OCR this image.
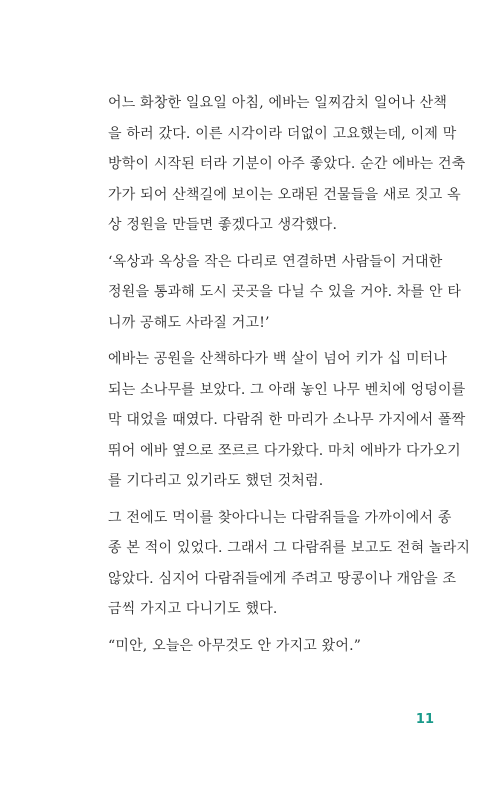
어느 화창한 일요일 아침, 에바는 일찌감치 일어나 산책
을 하러 갔다. 이른 시각이라 더없이 고요했는데, 이제 막
방학이 시작된 터라 기분이 아주 좋았다. 순간 에바는 건축
가가 되어 산책길에 보이는 오래된 건물들을 새로 짓고 옥
상 정원을 만들면 좋겠다고 생각했다.

‘옥상과 옥상을 작은 다리로 연결하면 사람들이 거대한
정원을 통과해 도시 곳곳을 다닐 수 있을 거야. 차를 안 타
니까 공해도 사라질 거고!’

에바는 공원을 산책하다가 백 살이 넘어 키가 십 미터나
되는 소나무를 보았다. 그 아래 놓인 나무 벤치에 엉덩이를
막 대었을 때였다. 다람쥐 한 마리가 소나무 가지에서 폴짝
뛰어 에바 옆으로 쪼르르 다가왔다. 마치 에바가 다가오기
를 기다리고 있기라도 했던 것처럼.

그 전에도 먹이를 찾아다니는 다람쥐들을 가까이에서 종
종 본 적이 있었다. 그래서 그 다람쥐를 보고도 전혀 놀라지
않았다. 심지어 다람쥐들에게 주려고 땅콩이나 개암을 조
금씩 가지고 다니기도 했다.

“미안, 오늘은 아무것도 안 가지고 왔어.”

11
